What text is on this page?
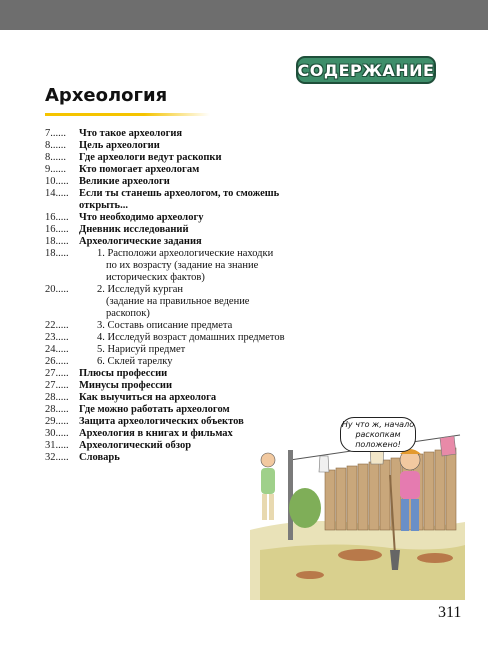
СОДЕРЖАНИЕ
Археология
7......	Что такое археология
8......	Цель археологии
8......	Где археологи ведут раскопки
9......	Кто помогает археологам
10..... Великие археологи
14..... Если ты станешь археологом, то сможешь
открыть...
16..... Что необходимо археологу
16..... Дневник исследований
18..... Археологические задания
18.....	1. Расположи археологические находки
по их возрасту (задание на знание
исторических фактов)
20.....	2. Исследуй курган
(задание на правильное ведение
раскопок)
22.....	3. Составь описание предмета
23.....	4. Исследуй возраст домашних предметов
24.....	5. Нарисуй предмет
26.....	6. Склей тарелку
27..... Плюсы профессии
27..... Минусы профессии
28..... Как выучиться на археолога
28..... Где можно работать археологом
29..... Защита археологических объектов
30..... Археология в книгах и фильмах
31..... Археологический обзор
32..... Словарь
Ну что ж, начало
раскопкам положено!
311
